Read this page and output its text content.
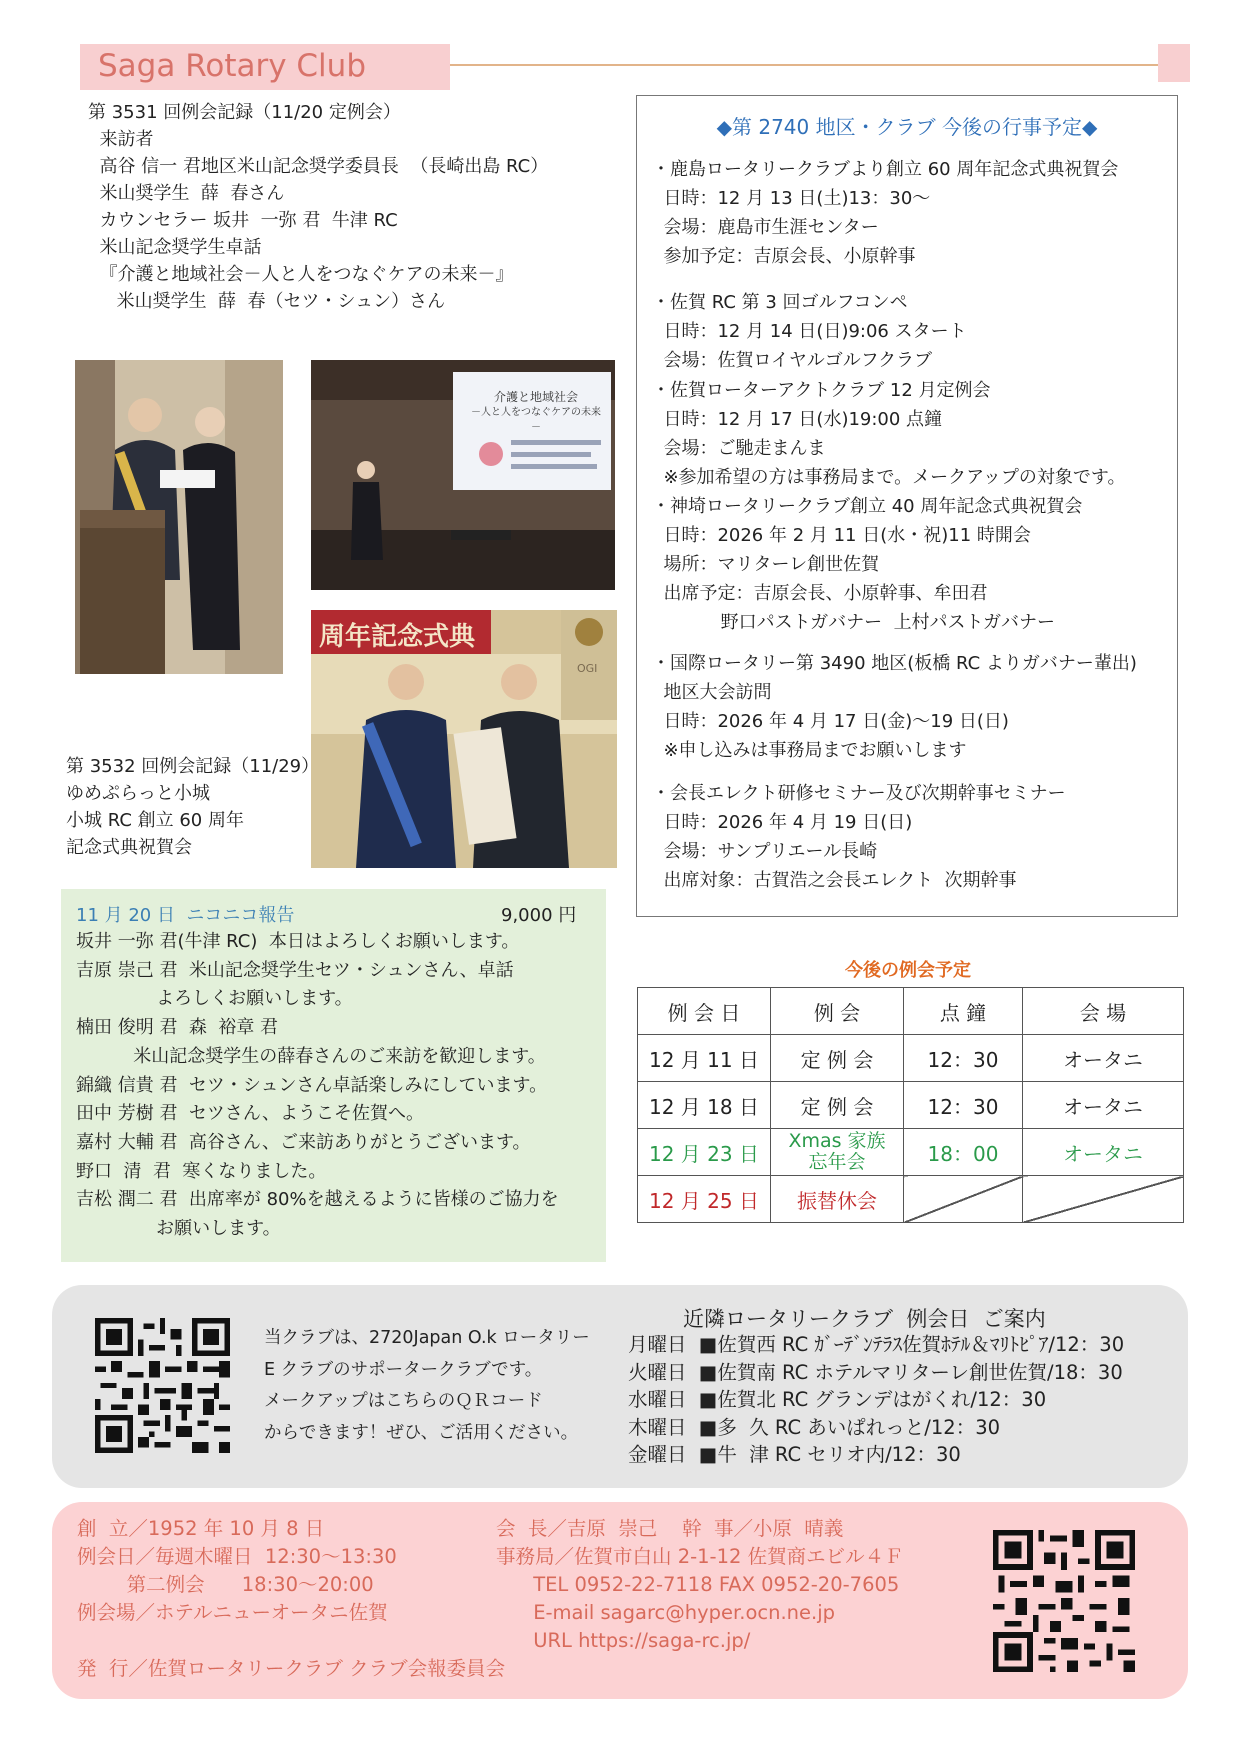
Saga Rotary Club
第 3531 回例会記録（11/20 定例会）
来訪者
高谷 信一 君地区米山記念奨学委員長  （長崎出島 RC）
米山奨学生  薛  春さん
カウンセラー 坂井  一弥 君  牛津 RC
米山記念奨学生卓話
『介護と地域社会－人と人をつなぐケアの未来－』
米山奨学生  薛  春（セツ・シュン）さん
介護と地域社会
－人と人をつなぐケアの未来－
周年記念式典
OGI
第 3532 回例会記録（11/29）
ゆめぷらっと小城
小城 RC 創立 60 周年
記念式典祝賀会
11 月 20 日  ニコニコ報告	9,000 円
坂井 一弥 君(牛津 RC)  本日はよろしくお願いします。
吉原 崇己 君  米山記念奨学生セツ・シュンさん、卓話
よろしくお願いします。
楠田 俊明 君  森  裕章 君
米山記念奨学生の薛春さんのご来訪を歓迎します。
錦織 信貴 君  セツ・シュンさん卓話楽しみにしています。
田中 芳樹 君  セツさん、ようこそ佐賀へ。
嘉村 大輔 君  高谷さん、ご来訪ありがとうございます。
野口  清  君  寒くなりました。
吉松 潤二 君  出席率が 80%を越えるように皆様のご協力を
お願いします。
◆第 2740 地区・クラブ 今後の行事予定◆
・鹿島ロータリークラブより創立 60 周年記念式典祝賀会
日時：12 月 13 日(土)13：30～
会場：鹿島市生涯センター
参加予定：吉原会長、小原幹事
・佐賀 RC 第 3 回ゴルフコンペ
日時：12 月 14 日(日)9:06 スタート
会場：佐賀ロイヤルゴルフクラブ
・佐賀ローターアクトクラブ 12 月定例会
日時：12 月 17 日(水)19:00 点鐘
会場：ご馳走まんま
※参加希望の方は事務局まで。メークアップの対象です。
・神埼ロータリークラブ創立 40 周年記念式典祝賀会
日時：2026 年 2 月 11 日(水・祝)11 時開会
場所：マリターレ創世佐賀
出席予定：吉原会長、小原幹事、牟田君
野口パストガバナー  上村パストガバナー
・国際ロータリー第 3490 地区(板橋 RC よりガバナー輩出)
地区大会訪問
日時：2026 年 4 月 17 日(金)～19 日(日)
※申し込みは事務局までお願いします
・会長エレクト研修セミナー及び次期幹事セミナー
日時：2026 年 4 月 19 日(日)
会場：サンプリエール長崎
出席対象：古賀浩之会長エレクト  次期幹事
今後の例会予定
例 会 日	例 会	点 鐘	会 場
12 月 11 日	定 例 会	12：30	オータニ
12 月 18 日	定 例 会	12：30	オータニ
12 月 23 日	Xmas 家族
忘年会	18：00	オータニ
12 月 25 日	振替休会		
当クラブは、2720Japan O.k ロータリー
E クラブのサポータークラブです。
メークアップはこちらのＱＲコード
からできます！ぜひ、ご活用ください。
近隣ロータリークラブ  例会日  ご案内
月曜日  ■佐賀西 RC ｶﾞｰﾃﾞﾝﾃﾗｽ佐賀ﾎﾃﾙ＆ﾏﾘﾄﾋﾟｱ/12：30
火曜日  ■佐賀南 RC ホテルマリターレ創世佐賀/18：30
水曜日  ■佐賀北 RC グランデはがくれ/12：30
木曜日  ■多  久 RC あいぱれっと/12：30
金曜日  ■牛  津 RC セリオ内/12：30
創  立／1952 年 10 月 8 日
例会日／毎週木曜日  12:30～13:30
第二例会      18:30～20:00
例会場／ホテルニューオータニ佐賀
会  長／吉原  崇己    幹  事／小原  晴義
事務局／佐賀市白山 2-1-12 佐賀商エビル４Ｆ
TEL 0952-22-7118 FAX 0952-20-7605
E-mail sagarc@hyper.ocn.ne.jp
URL https://saga-rc.jp/
発  行／佐賀ロータリークラブ クラブ会報委員会
